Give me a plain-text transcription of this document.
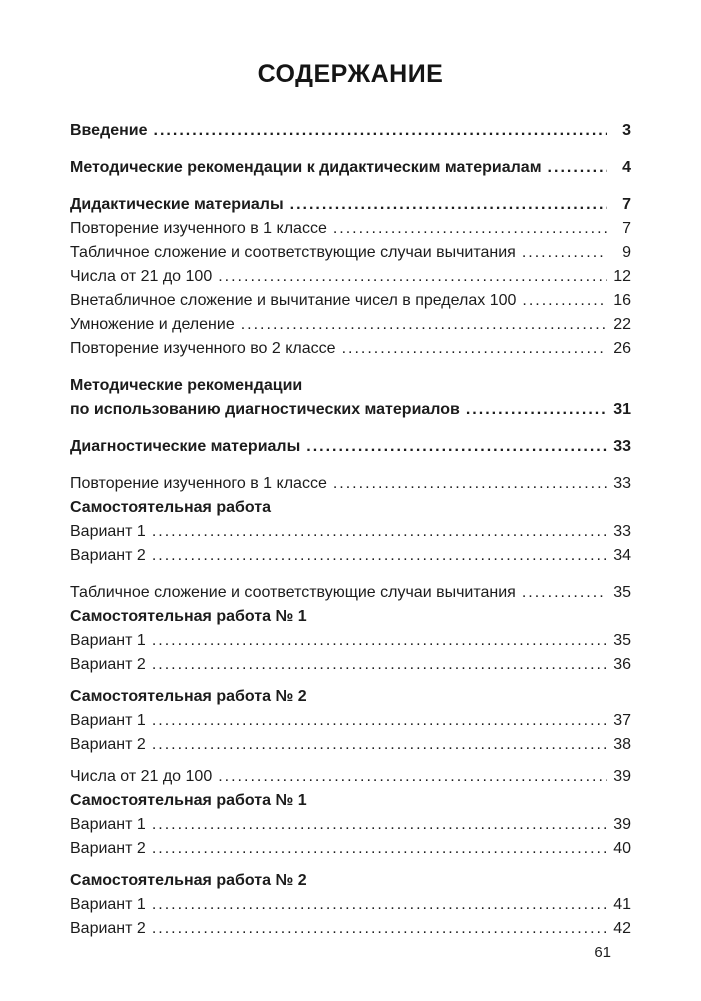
СОДЕРЖАНИЕ
Введение .....	3
Методические рекомендации к дидактическим материалам .....	4
Дидактические материалы .....	7
Повторение изученного в 1 классе .....	7
Табличное сложение и соответствующие случаи вычитания .....	9
Числа от 21 до 100 .....	12
Внетабличное сложение и вычитание чисел в пределах 100 .....	16
Умножение и деление .....	22
Повторение изученного во 2 классе .....	26
Методические рекомендации
по использованию диагностических материалов .....	31
Диагностические материалы .....	33
Повторение изученного в 1 классе .....	33
Самостоятельная работа
Вариант 1 .....	33
Вариант 2 .....	34
Табличное сложение и соответствующие случаи вычитания .....	35
Самостоятельная работа № 1
Вариант 1 .....	35
Вариант 2 .....	36
Самостоятельная работа № 2
Вариант 1 .....	37
Вариант 2 .....	38
Числа от 21 до 100 .....	39
Самостоятельная работа № 1
Вариант 1 .....	39
Вариант 2 .....	40
Самостоятельная работа № 2
Вариант 1 .....	41
Вариант 2 .....	42
61
